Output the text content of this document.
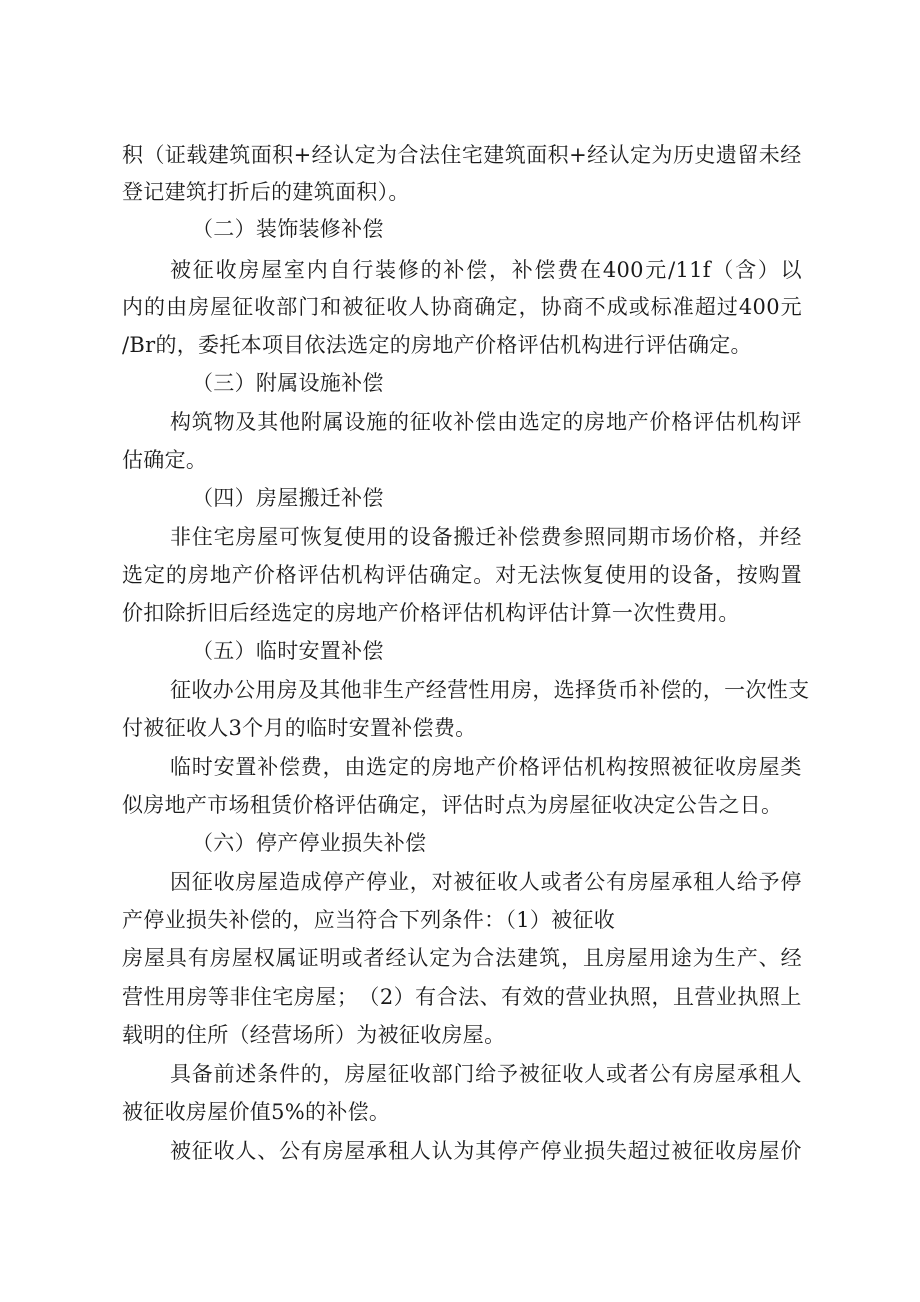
积 （ 证 载 建 筑 面 积 + 经 认 定 为 合 法 住 宅 建 筑 面 积 + 经 认 定 为 历 史 遗 留 未 经
登记建筑打折后的建筑面积）。
（二）装饰装修补偿
被 征 收 房 屋 室 内 自 行 装 修 的 补 偿 ， 补 偿 费 在 400 元 /11f （ 含 ） 以
内 的 由 房 屋 征 收 部 门 和 被 征 收 人 协 商 确 定 ， 协 商 不 成 或 标 准 超 过 400 元
/Br的，委托本项目依法选定的房地产价格评估机构进行评估确定。
（三）附属设施补偿
构 筑 物 及 其 他 附 属 设 施 的 征 收 补 偿 由 选 定 的 房 地 产 价 格 评 估 机 构 评
估确定。
（四）房屋搬迁补偿
非 住 宅 房 屋 可 恢 复 使 用 的 设 备 搬 迁 补 偿 费 参 照 同 期 市 场 价 格 ， 并 经
选 定 的 房 地 产 价 格 评 估 机 构 评 估 确 定 。 对 无 法 恢 复 使 用 的 设 备 ， 按 购 置
价扣除折旧后经选定的房地产价格评估机构评估计算一次性费用。
（五）临时安置补偿
征 收 办 公 用 房 及 其 他 非 生 产 经 营 性 用 房 ， 选 择 货 币 补 偿 的 ， 一 次 性 支
付被征收人3个月的临时安置补偿费。
临 时 安 置 补 偿 费 ， 由 选 定 的 房 地 产 价 格 评 估 机 构 按 照 被 征 收 房 屋 类
似房地产市场租赁价格评估确定，评估时点为房屋征收决定公告之日。
（六）停产停业损失补偿
因 征 收 房 屋 造 成 停 产 停 业 ， 对 被 征 收 人 或 者 公 有 房 屋 承 租 人 给 予 停
产停业损失补偿的，应当符合下列条件：（1）被征收
房 屋 具 有 房 屋 权 属 证 明 或 者 经 认 定 为 合 法 建 筑 ， 且 房 屋 用 途 为 生 产 、 经
营 性 用 房 等 非 住 宅 房 屋 ； （ 2 ） 有 合 法 、 有 效 的 营 业 执 照 ， 且 营 业 执 照 上
载明的住所（经营场所）为被征收房屋。
具 备 前 述 条 件 的 ， 房 屋 征 收 部 门 给 予 被 征 收 人 或 者 公 有 房 屋 承 租 人
被征收房屋价值5%的补偿。
被 征 收 人 、 公 有 房 屋 承 租 人 认 为 其 停 产 停 业 损 失 超 过 被 征 收 房 屋 价
